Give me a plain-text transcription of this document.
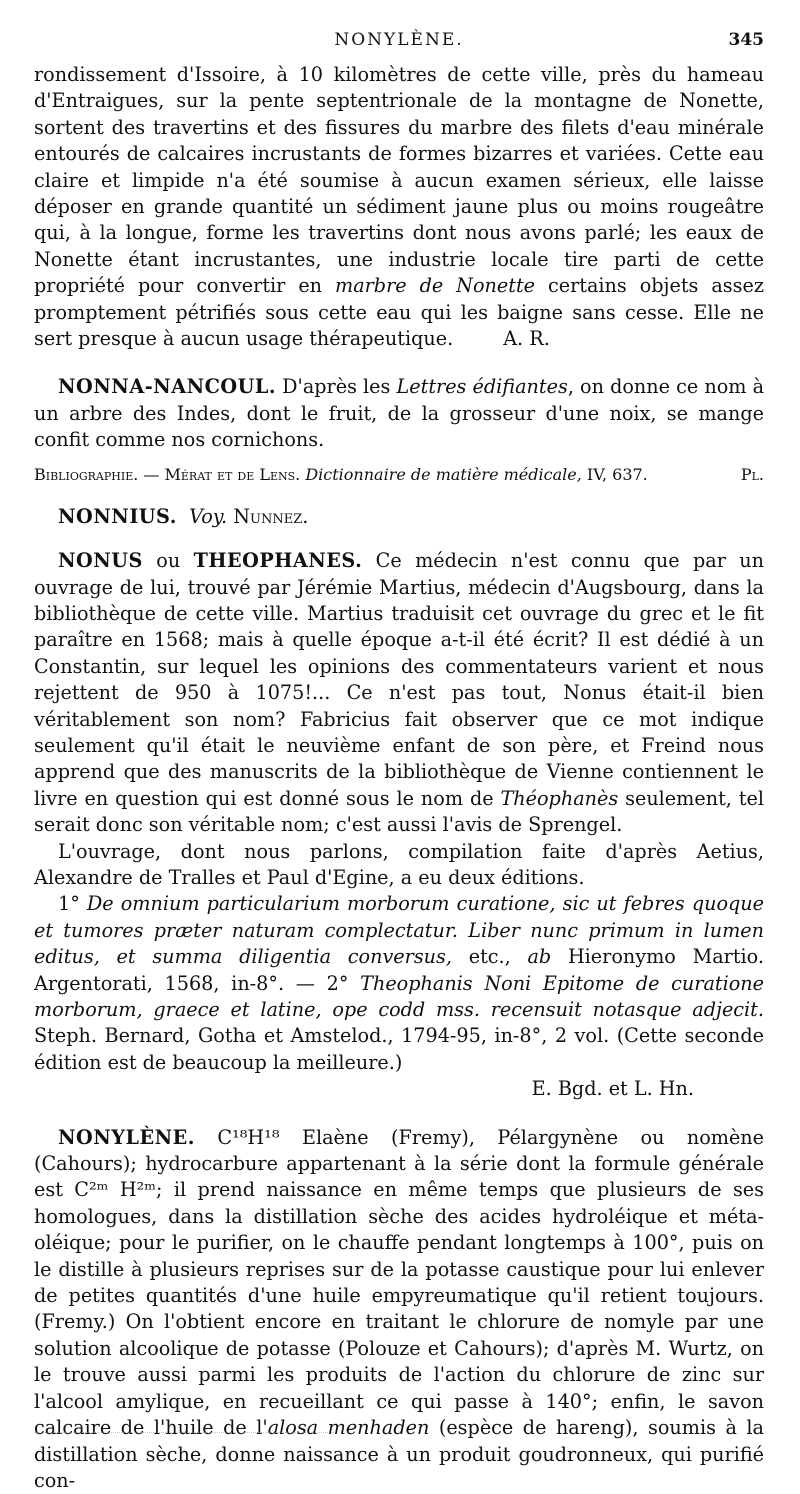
NONYLÈNE.	345

rondissement d'Issoire, à 10 kilomètres de cette ville, près du hameau d'Entraigues, sur la pente septentrionale de la montagne de Nonette, sortent des travertins et des fissures du marbre des filets d'eau minérale entourés de calcaires incrustants de formes bizarres et variées. Cette eau claire et limpide n'a été soumise à aucun examen sérieux, elle laisse déposer en grande quantité un sédiment jaune plus ou moins rougeâtre qui, à la longue, forme les travertins dont nous avons parlé; les eaux de Nonette étant incrustantes, une industrie locale tire parti de cette propriété pour convertir en marbre de Nonette certains objets assez promptement pétrifiés sous cette eau qui les baigne sans cesse. Elle ne sert presque à aucun usage thérapeutique.	A. R.

NONNA-NANCOUL. D'après les Lettres édifiantes, on donne ce nom à un arbre des Indes, dont le fruit, de la grosseur d'une noix, se mange confit comme nos cornichons.

Bibliographie. — Mérat et de Lens. Dictionnaire de matière médicale, IV, 637.	Pl.

NONNIUS. Voy. Nunnez.

NONUS ou THEOPHANES. Ce médecin n'est connu que par un ouvrage de lui, trouvé par Jérémie Martius, médecin d'Augsbourg, dans la bibliothèque de cette ville. Martius traduisit cet ouvrage du grec et le fit paraître en 1568; mais à quelle époque a-t-il été écrit? Il est dédié à un Constantin, sur lequel les opinions des commentateurs varient et nous rejettent de 950 à 1075!... Ce n'est pas tout, Nonus était-il bien véritablement son nom? Fabricius fait observer que ce mot indique seulement qu'il était le neuvième enfant de son père, et Freind nous apprend que des manuscrits de la bibliothèque de Vienne contiennent le livre en question qui est donné sous le nom de Théophanès seulement, tel serait donc son véritable nom; c'est aussi l'avis de Sprengel.

L'ouvrage, dont nous parlons, compilation faite d'après Aetius, Alexandre de Tralles et Paul d'Egine, a eu deux éditions.

1° De omnium particularium morborum curatione, sic ut febres quoque et tumores præter naturam complectatur. Liber nunc primum in lumen editus, et summa diligentia conversus, etc., ab Hieronymo Martio. Argentorati, 1568, in-8°. — 2° Theophanis Noni Epitome de curatione morborum, graece et latine, ope codd mss. recensuit notasque adjecit. Steph. Bernard, Gotha et Amstelod., 1794-95, in-8°, 2 vol. (Cette seconde édition est de beaucoup la meilleure.)

E. Bgd. et L. Hn.

NONYLÈNE. C¹⁸H¹⁸ Elaène (Fremy), Pélargynène ou nomène (Cahours); hydrocarbure appartenant à la série dont la formule générale est C²ᵐ H²ᵐ; il prend naissance en même temps que plusieurs de ses homologues, dans la distillation sèche des acides hydroléique et méta-oléique; pour le purifier, on le chauffe pendant longtemps à 100°, puis on le distille à plusieurs reprises sur de la potasse caustique pour lui enlever de petites quantités d'une huile empyreumatique qu'il retient toujours. (Fremy.) On l'obtient encore en traitant le chlorure de nomyle par une solution alcoolique de potasse (Polouze et Cahours); d'après M. Wurtz, on le trouve aussi parmi les produits de l'action du chlorure de zinc sur l'alcool amylique, en recueillant ce qui passe à 140°; enfin, le savon calcaire de l'huile de l'alosa menhaden (espèce de hareng), soumis à la distillation sèche, donne naissance à un produit goudronneux, qui purifié con-
